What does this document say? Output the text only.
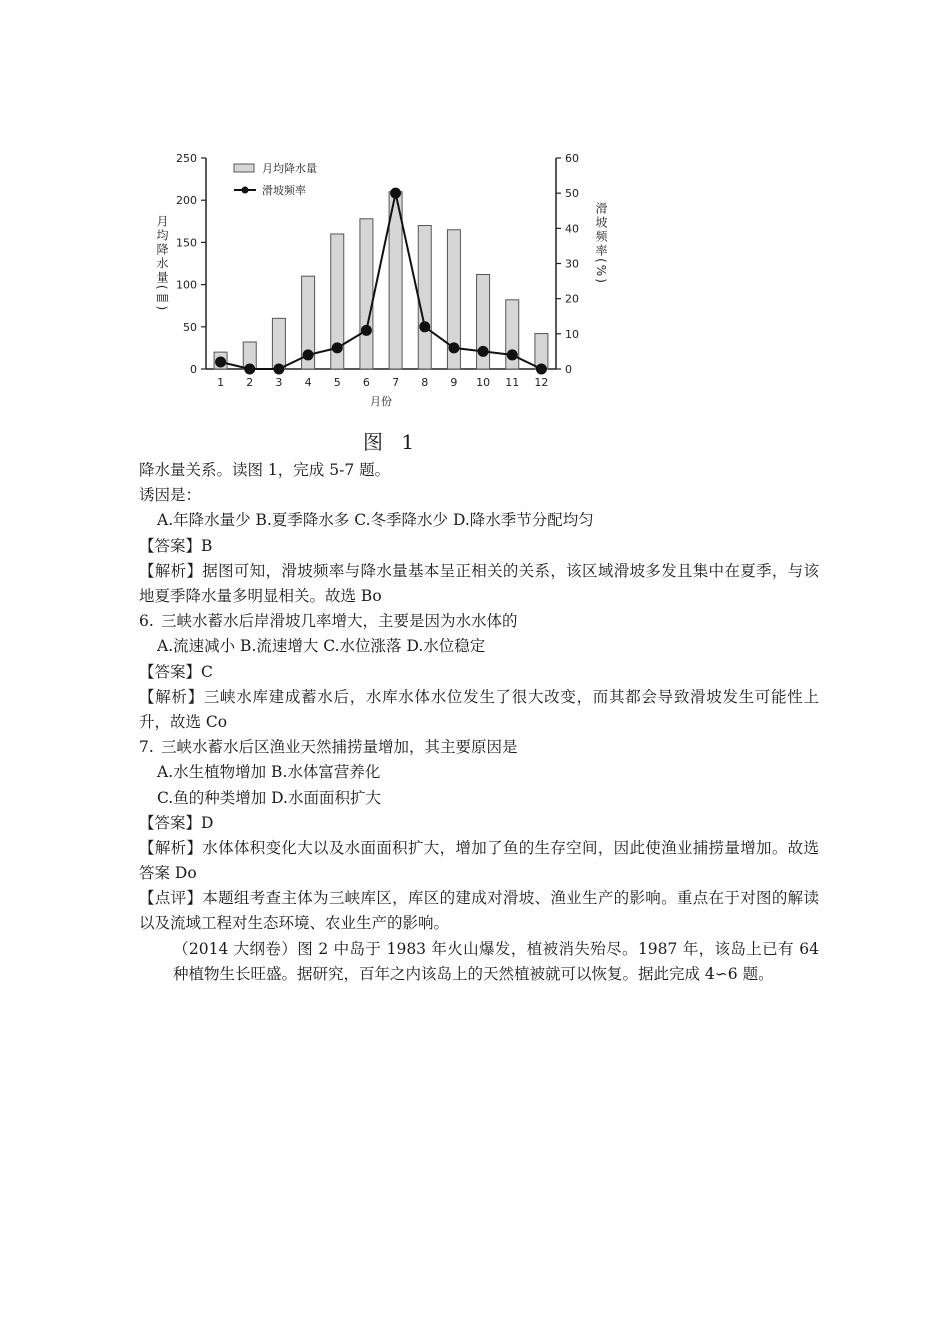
0
50
100
150
200
250
0
10
20
30
40
50
60
1 2 3 4 5 6 7 8 9 10 11 12
月均降水量(㎜)	滑坡频率(%)
月份
月均降水量
滑坡频率
图 1
降水量关系。读图 1，完成 5-7 题。
诱因是：
A.年降水量少 B.夏季降水多 C.冬季降水少 D.降水季节分配均匀
【答案】B
【解析】据图可知，滑坡频率与降水量基本呈正相关的关系，该区域滑坡多发且集中在夏季，与该地夏季降水量多明显相关。故选 Bo
6. 三峡水蓄水后岸滑坡几率增大，主要是因为水水体的
A.流速减小 B.流速增大 C.水位涨落 D.水位稳定
【答案】C
【解析】三峡水库建成蓄水后，水库水体水位发生了很大改变，而其都会导致滑坡发生可能性上升，故选 Co
7. 三峡水蓄水后区渔业天然捕捞量增加，其主要原因是
A.水生植物增加 B.水体富营养化
C.鱼的种类增加 D.水面面积扩大
【答案】D
【解析】水体体积变化大以及水面面积扩大，增加了鱼的生存空间，因此使渔业捕捞量增加。故选答案 Do
【点评】本题组考查主体为三峡库区，库区的建成对滑坡、渔业生产的影响。重点在于对图的解读以及流域工程对生态环境、农业生产的影响。
（2014 大纲卷）图 2 中岛于 1983 年火山爆发，植被消失殆尽。1987 年，该岛上已有 64 种植物生长旺盛。据研究，百年之内该岛上的天然植被就可以恢复。据此完成 4∽6 题。
